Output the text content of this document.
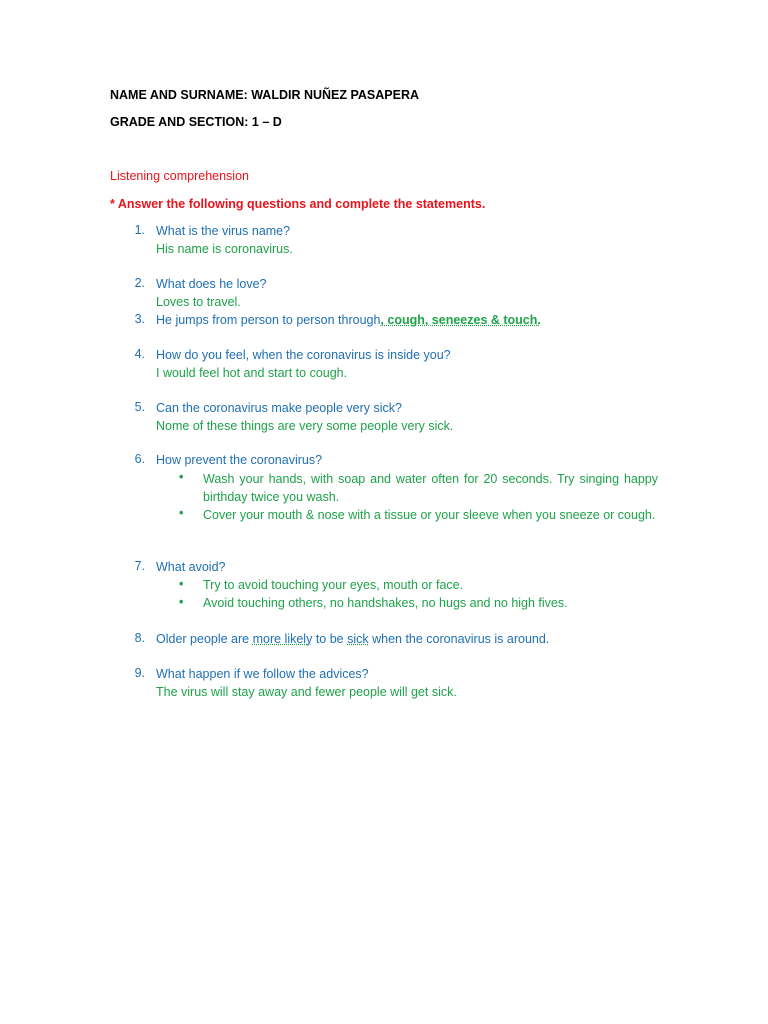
NAME AND SURNAME: WALDIR NUÑEZ PASAPERA
GRADE AND SECTION: 1 – D
Listening comprehension
* Answer the following questions and complete the statements.
1. What is the virus name?
His name is coronavirus.
2. What does he love?
Loves to travel.
3. He jumps from person to person through, cough, seneezes & touch.
4. How do you feel, when the coronavirus is inside you?
I would feel hot and start to cough.
5. Can the coronavirus make people very sick?
Nome of these things are very some people very sick.
6. How prevent the coronavirus?
• Wash your hands, with soap and water often for 20 seconds. Try singing happy birthday twice you wash.
• Cover your mouth & nose with a tissue or your sleeve when you sneeze or cough.
7. What avoid?
• Try to avoid touching your eyes, mouth or face.
• Avoid touching others, no handshakes, no hugs and no high fives.
8. Older people are more likely to be sick when the coronavirus is around.
9. What happen if we follow the advices?
The virus will stay away and fewer people will get sick.
